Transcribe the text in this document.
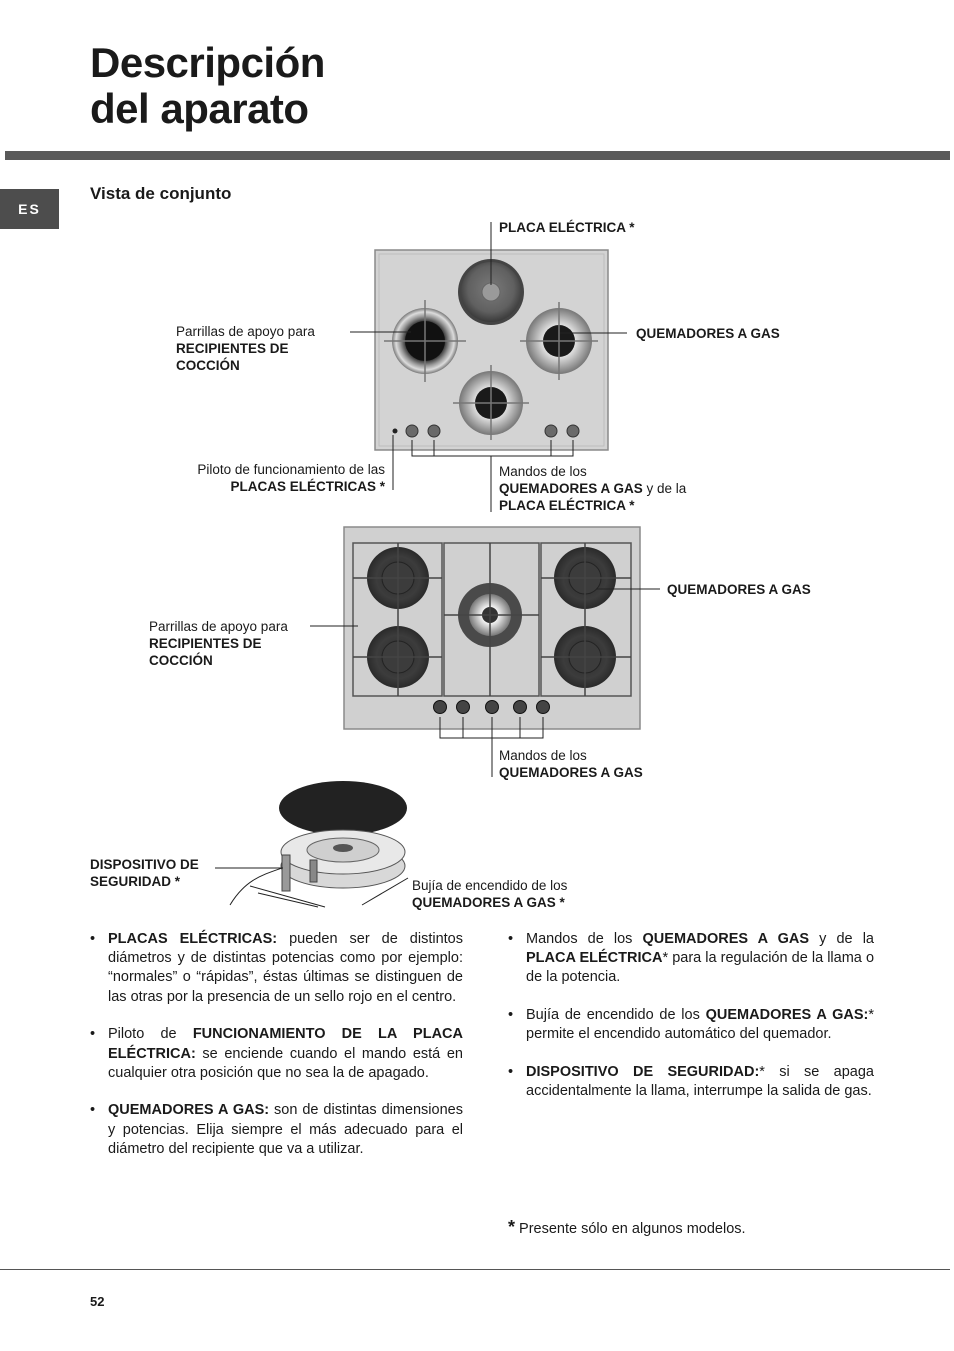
Descripción
del aparato
ES
Vista de conjunto
PLACA ELÉCTRICA *
QUEMADORES A GAS
Parrillas de apoyo para
RECIPIENTES DE
COCCIÓN
Piloto de funcionamiento de las
PLACAS ELÉCTRICAS *
Mandos de los
QUEMADORES A GAS y de la
PLACA ELÉCTRICA *
QUEMADORES A GAS
Parrillas de apoyo para
RECIPIENTES DE
COCCIÓN
Mandos de los
QUEMADORES A GAS
DISPOSITIVO DE
SEGURIDAD *	Bujía de encendido de los
QUEMADORES A GAS *

• PLACAS ELÉCTRICAS: pueden ser de distintos diámetros y de distintas potencias como por ejemplo: “normales” o “rápidas”, éstas últimas se distinguen de las otras por la presencia de un sello rojo en el centro.

• Piloto de FUNCIONAMIENTO DE LA PLACA ELÉCTRICA: se enciende cuando el mando está en cualquier otra posición que no sea la de apagado.

• QUEMADORES A GAS: son de distintas dimensiones y potencias. Elija siempre el más adecuado para el diámetro del recipiente que va a utilizar.

• Mandos de los QUEMADORES A GAS y de la PLACA ELÉCTRICA* para la regulación de la llama o de la potencia.

• Bujía de encendido de los QUEMADORES A GAS:* permite el encendido automático del quemador.

• DISPOSITIVO DE SEGURIDAD:* si se apaga accidentalmente la llama, interrumpe la salida de gas.

* Presente sólo en algunos modelos.
52
